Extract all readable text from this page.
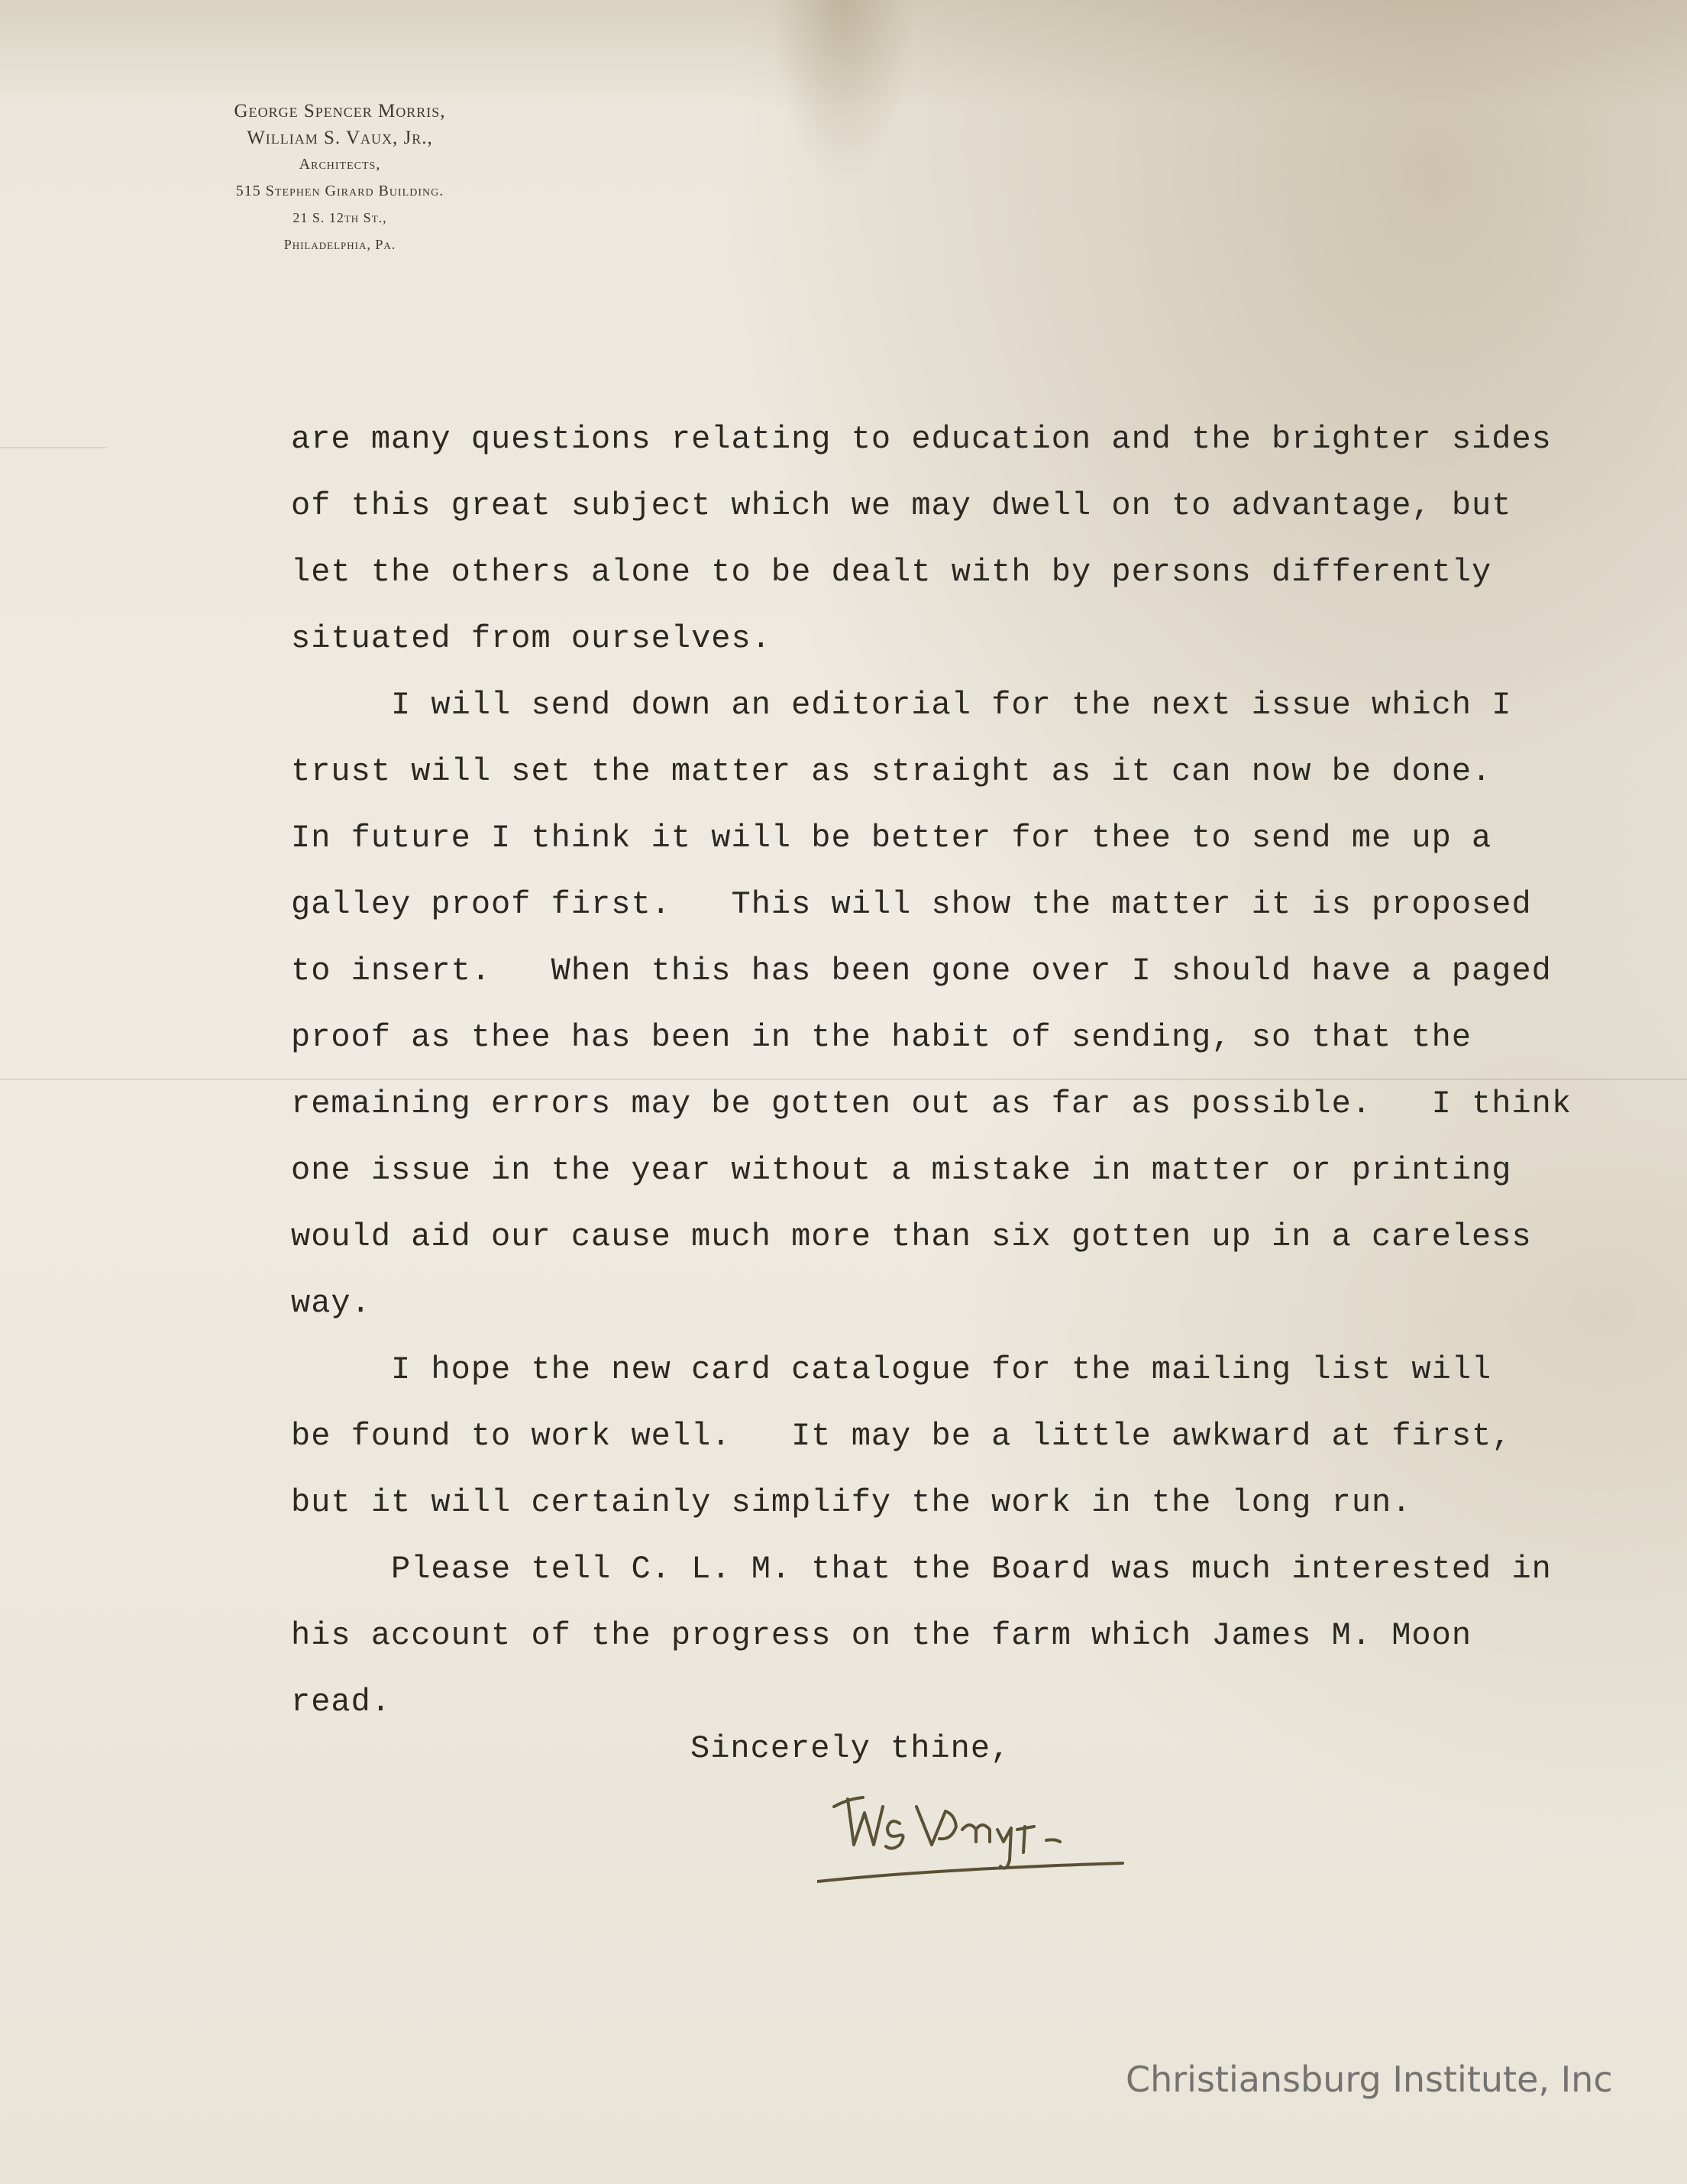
George Spencer Morris,
William S. Vaux, Jr.,
Architects,
515 Stephen Girard Building.
21 S. 12th St.,
Philadelphia, Pa.
are many questions relating to education and the brighter sides
of this great subject which we may dwell on to advantage, but
let the others alone to be dealt with by persons differently
situated from ourselves.
I will send down an editorial for the next issue which I
trust will set the matter as straight as it can now be done.
In future I think it will be better for thee to send me up a
galley proof first.   This will show the matter it is proposed
to insert.   When this has been gone over I should have a paged
proof as thee has been in the habit of sending, so that the
remaining errors may be gotten out as far as possible.   I think
one issue in the year without a mistake in matter or printing
would aid our cause much more than six gotten up in a careless
way.
I hope the new card catalogue for the mailing list will
be found to work well.   It may be a little awkward at first,
but it will certainly simplify the work in the long run.
Please tell C. L. M. that the Board was much interested in
his account of the progress on the farm which James M. Moon
read.
Sincerely thine,
Christiansburg Institute, Inc
